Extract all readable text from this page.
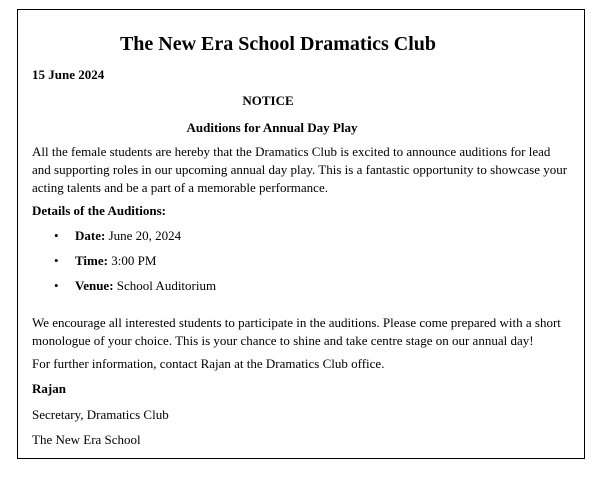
The New Era School Dramatics Club

15 June 2024

NOTICE

Auditions for Annual Day Play

All the female students are hereby that the Dramatics Club is excited to announce auditions for lead and supporting roles in our upcoming annual day play. This is a fantastic opportunity to showcase your acting talents and be a part of a memorable performance.

Details of the Auditions:

• Date: June 20, 2024
• Time: 3:00 PM
• Venue: School Auditorium

We encourage all interested students to participate in the auditions. Please come prepared with a short monologue of your choice. This is your chance to shine and take centre stage on our annual day!

For further information, contact Rajan at the Dramatics Club office.

Rajan

Secretary, Dramatics Club

The New Era School
